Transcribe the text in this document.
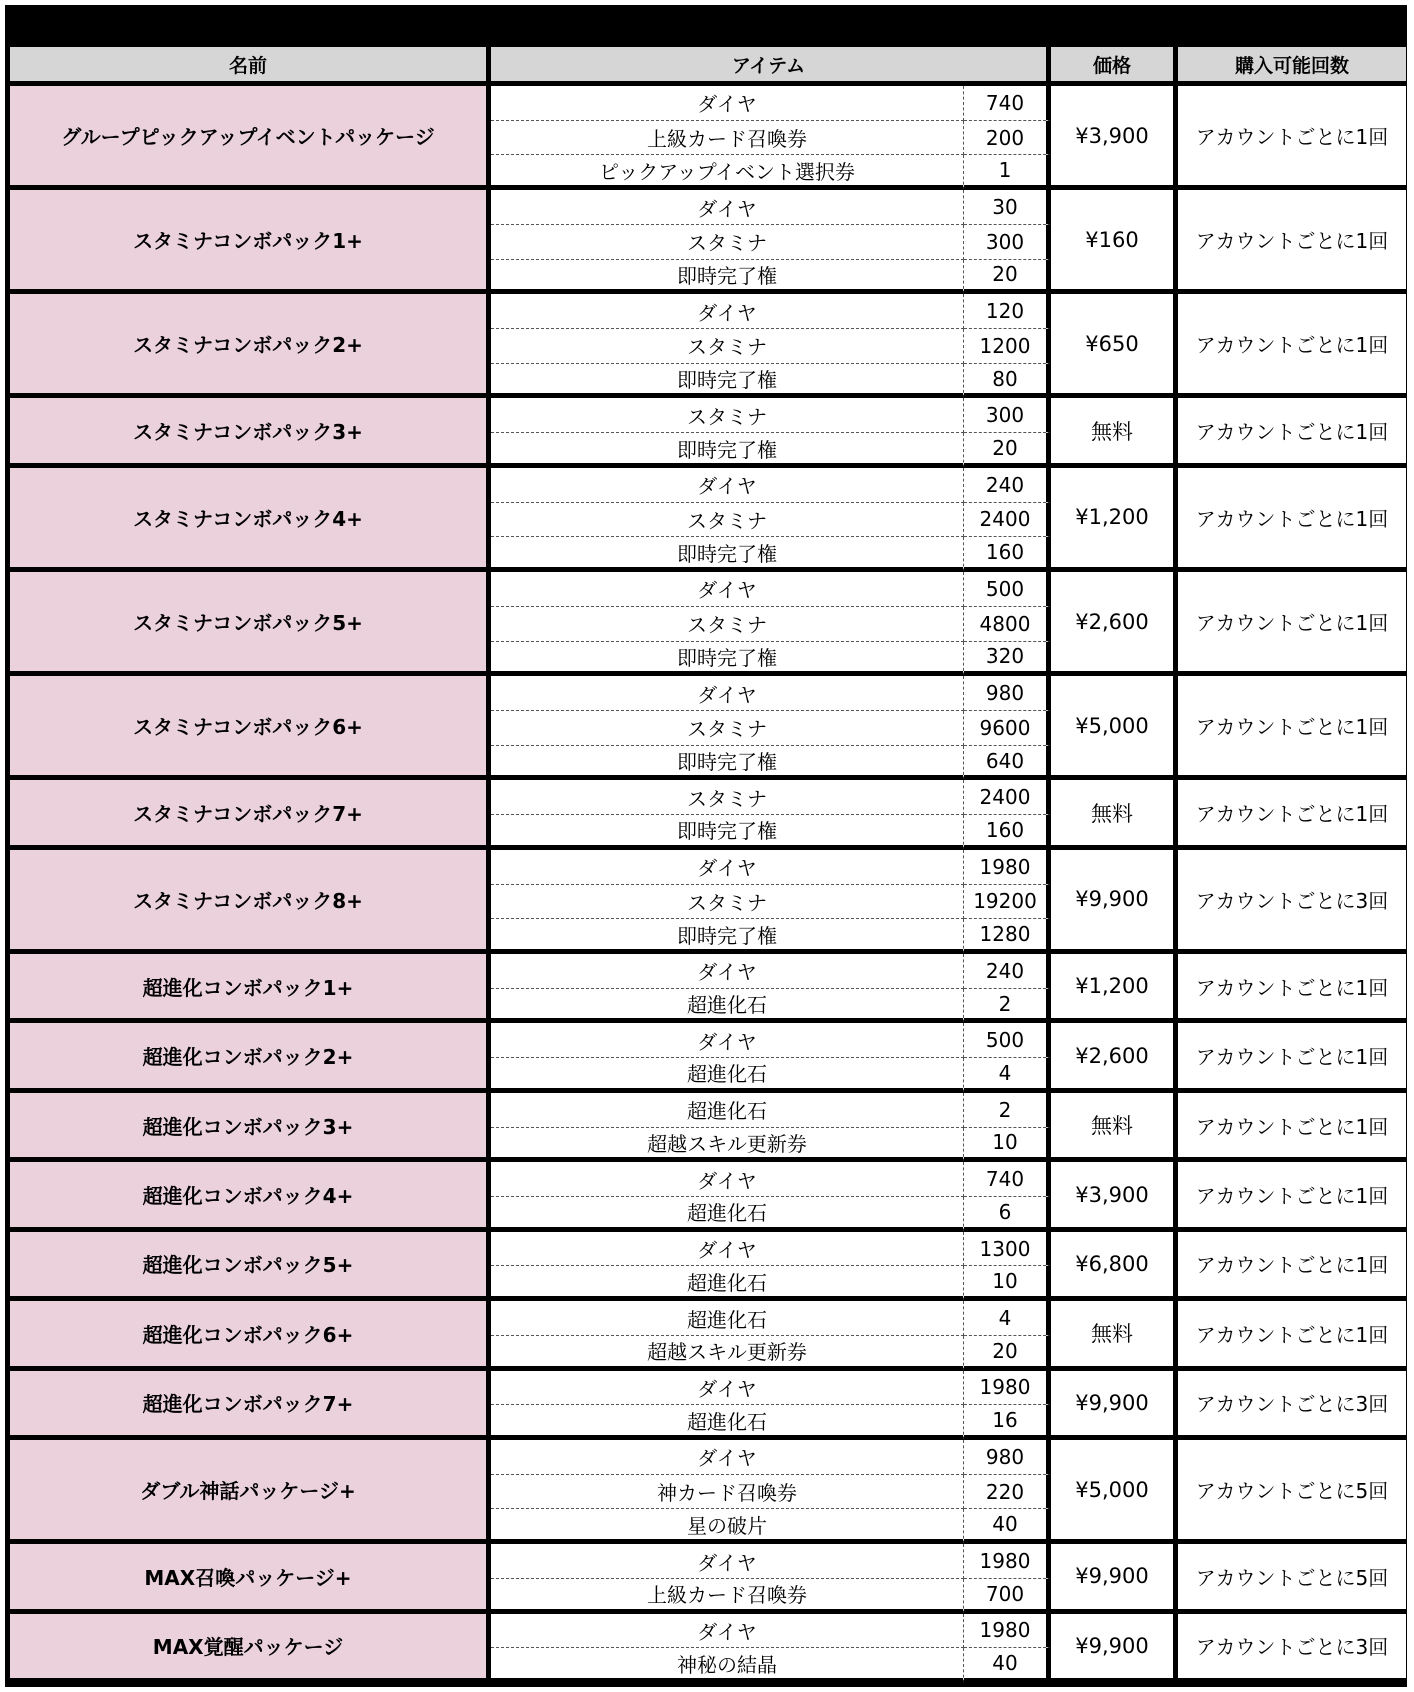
名前	アイテム		価格	購入可能回数
グループピックアップイベントパッケージ	ダイヤ	740	¥3,900	アカウントごとに1回
	上級カード召喚券	200		
	ピックアップイベント選択券	1		
スタミナコンボパック1+	ダイヤ	30	¥160	アカウントごとに1回
	スタミナ	300		
	即時完了権	20		
スタミナコンボパック2+	ダイヤ	120	¥650	アカウントごとに1回
	スタミナ	1200		
	即時完了権	80		
スタミナコンボパック3+	スタミナ	300	無料	アカウントごとに1回
	即時完了権	20		
スタミナコンボパック4+	ダイヤ	240	¥1,200	アカウントごとに1回
	スタミナ	2400		
	即時完了権	160		
スタミナコンボパック5+	ダイヤ	500	¥2,600	アカウントごとに1回
	スタミナ	4800		
	即時完了権	320		
スタミナコンボパック6+	ダイヤ	980	¥5,000	アカウントごとに1回
	スタミナ	9600		
	即時完了権	640		
スタミナコンボパック7+	スタミナ	2400	無料	アカウントごとに1回
	即時完了権	160		
スタミナコンボパック8+	ダイヤ	1980	¥9,900	アカウントごとに3回
	スタミナ	19200		
	即時完了権	1280		
超進化コンボパック1+	ダイヤ	240	¥1,200	アカウントごとに1回
	超進化石	2		
超進化コンボパック2+	ダイヤ	500	¥2,600	アカウントごとに1回
	超進化石	4		
超進化コンボパック3+	超進化石	2	無料	アカウントごとに1回
	超越スキル更新券	10		
超進化コンボパック4+	ダイヤ	740	¥3,900	アカウントごとに1回
	超進化石	6		
超進化コンボパック5+	ダイヤ	1300	¥6,800	アカウントごとに1回
	超進化石	10		
超進化コンボパック6+	超進化石	4	無料	アカウントごとに1回
	超越スキル更新券	20		
超進化コンボパック7+	ダイヤ	1980	¥9,900	アカウントごとに3回
	超進化石	16		
ダブル神話パッケージ+	ダイヤ	980	¥5,000	アカウントごとに5回
	神カード召喚券	220		
	星の破片	40		
MAX召喚パッケージ+	ダイヤ	1980	¥9,900	アカウントごとに5回
	上級カード召喚券	700		
MAX覚醒パッケージ	ダイヤ	1980	¥9,900	アカウントごとに3回
	神秘の結晶	40		
